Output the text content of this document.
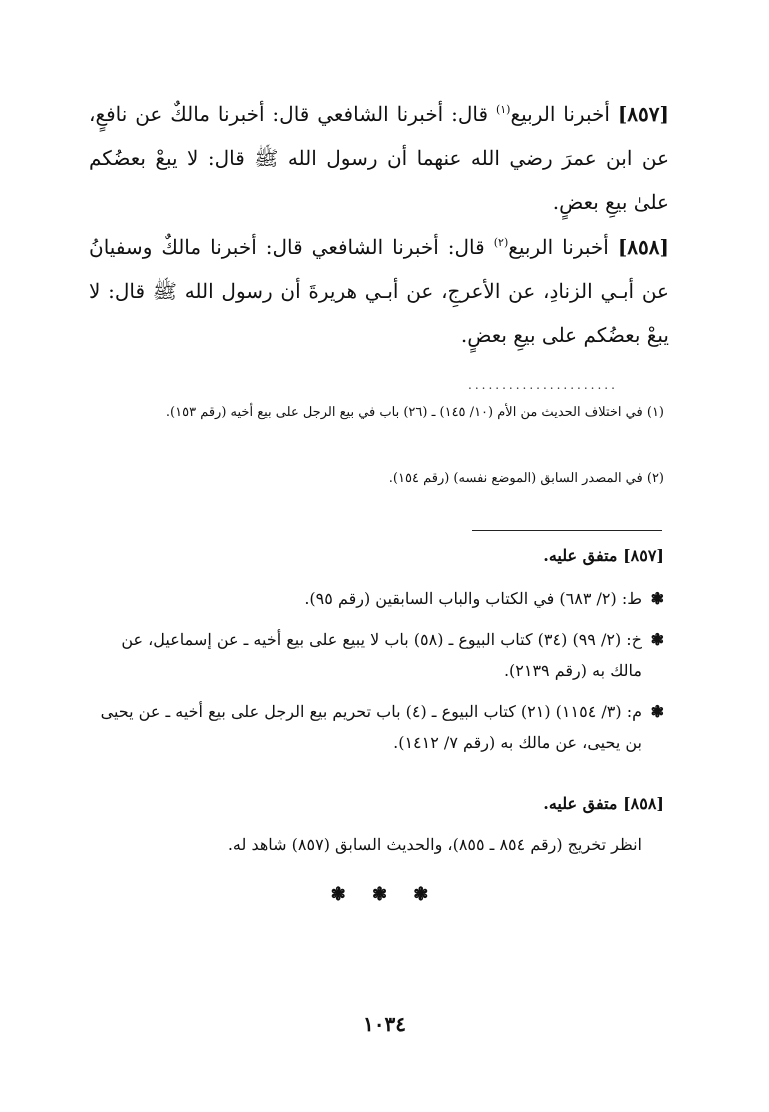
[٨٥٧] أخبرنا الربيع$^{(١)}$ قال: أخبرنا الشافعي قال: أخبرنا مالكٌ عن نافعٍ، عن ابن عمرَ رضي الله عنهما أن رسول الله ﷺ قال: لا يبعْ بعضُكم علىٰ بيعِ بعضٍ.
[٨٥٨] أخبرنا الربيع$^{(٢)}$ قال: أخبرنا الشافعي قال: أخبرنا مالكٌ وسفيانُ عن أبـي الزنادِ، عن الأعرجِ، عن أبـي هريرةَ أن رسول الله ﷺ قال: لا يبعْ بعضُكم على بيعِ بعضٍ.
......................
(١) في اختلاف الحديث من الأم (١٠/ ١٤٥) ـ (٢٦) باب في بيع الرجل على بيع أخيه (رقم ١٥٣).
(٢) في المصدر السابق (الموضع نفسه) (رقم ١٥٤).
[٨٥٧] متفق عليه.
❃
ط: (٢/ ٦٨٣) في الكتاب والباب السابقين (رقم ٩٥).
❃
خ: (٢/ ٩٩) (٣٤) كتاب البيوع ـ (٥٨) باب لا يبيع على بيع أخيه ـ عن إسماعيل، عن مالك به (رقم ٢١٣٩).
❃
م: (٣/ ١١٥٤) (٢١) كتاب البيوع ـ (٤) باب تحريم بيع الرجل على بيع أخيه ـ عن يحيى بن يحيى، عن مالك به (رقم ٧/ ١٤١٢).
[٨٥٨] متفق عليه.
انظر تخريج (رقم ٨٥٤ ـ ٨٥٥)، والحديث السابق (٨٥٧) شاهد له.
❃ ❃ ❃
١٠٣٤
